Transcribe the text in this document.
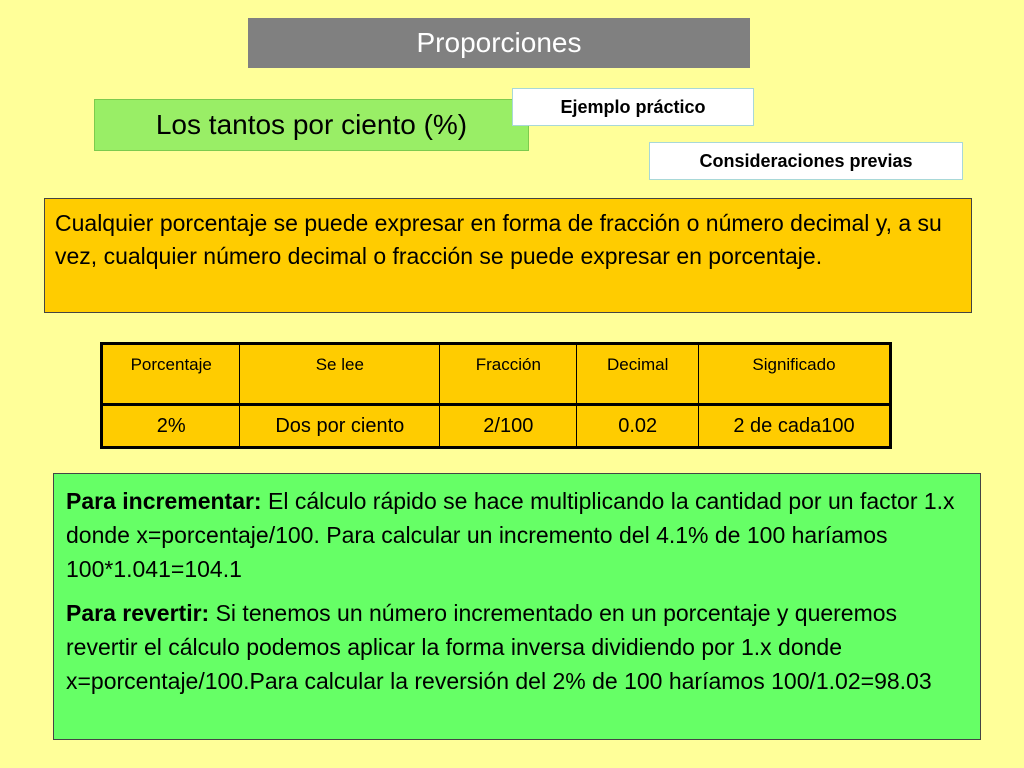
Proporciones
Los tantos por ciento (%)
Ejemplo práctico
Consideraciones previas
Cualquier porcentaje se puede expresar en forma de fracción o número decimal y, a su vez, cualquier número decimal o fracción se puede expresar en porcentaje.
Porcentaje	Se lee	Fracción	Decimal	Significado
2%	Dos por ciento	2/100	0.02	2 de cada100

Para incrementar: El cálculo rápido se hace multiplicando la cantidad por un factor 1.x donde x=porcentaje/100. Para calcular un incremento del 4.1% de 100 haríamos 100*1.041=104.1

Para revertir: Si tenemos un número incrementado en un porcentaje y queremos revertir el cálculo podemos aplicar la forma inversa dividiendo por 1.x donde x=porcentaje/100.Para calcular la reversión del 2% de 100 haríamos 100/1.02=98.03
